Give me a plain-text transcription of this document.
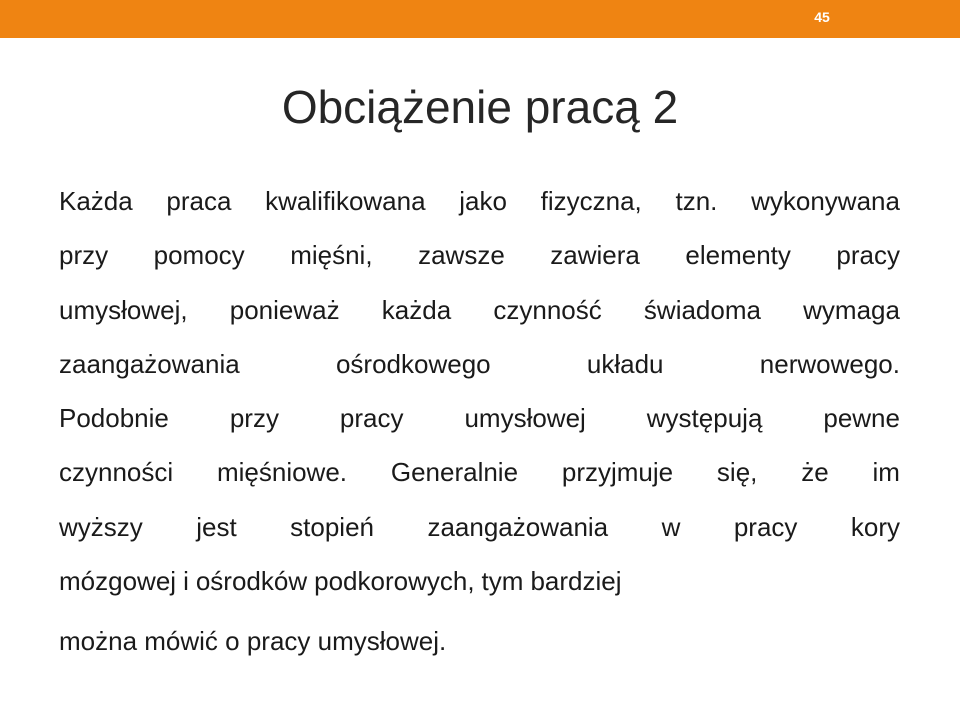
45
Obciążenie pracą 2
Każda praca kwalifikowana jako fizyczna, tzn. wykonywana
przy pomocy mięśni, zawsze zawiera elementy pracy
umysłowej, ponieważ każda czynność świadoma wymaga
zaangażowania	ośrodkowego	układu	nerwowego.
Podobnie przy pracy umysłowej występują pewne
czynności mięśniowe. Generalnie przyjmuje się, że im
wyższy jest stopień zaangażowania w pracy kory
mózgowej i ośrodków podkorowych, tym bardziej
można mówić o pracy umysłowej.
